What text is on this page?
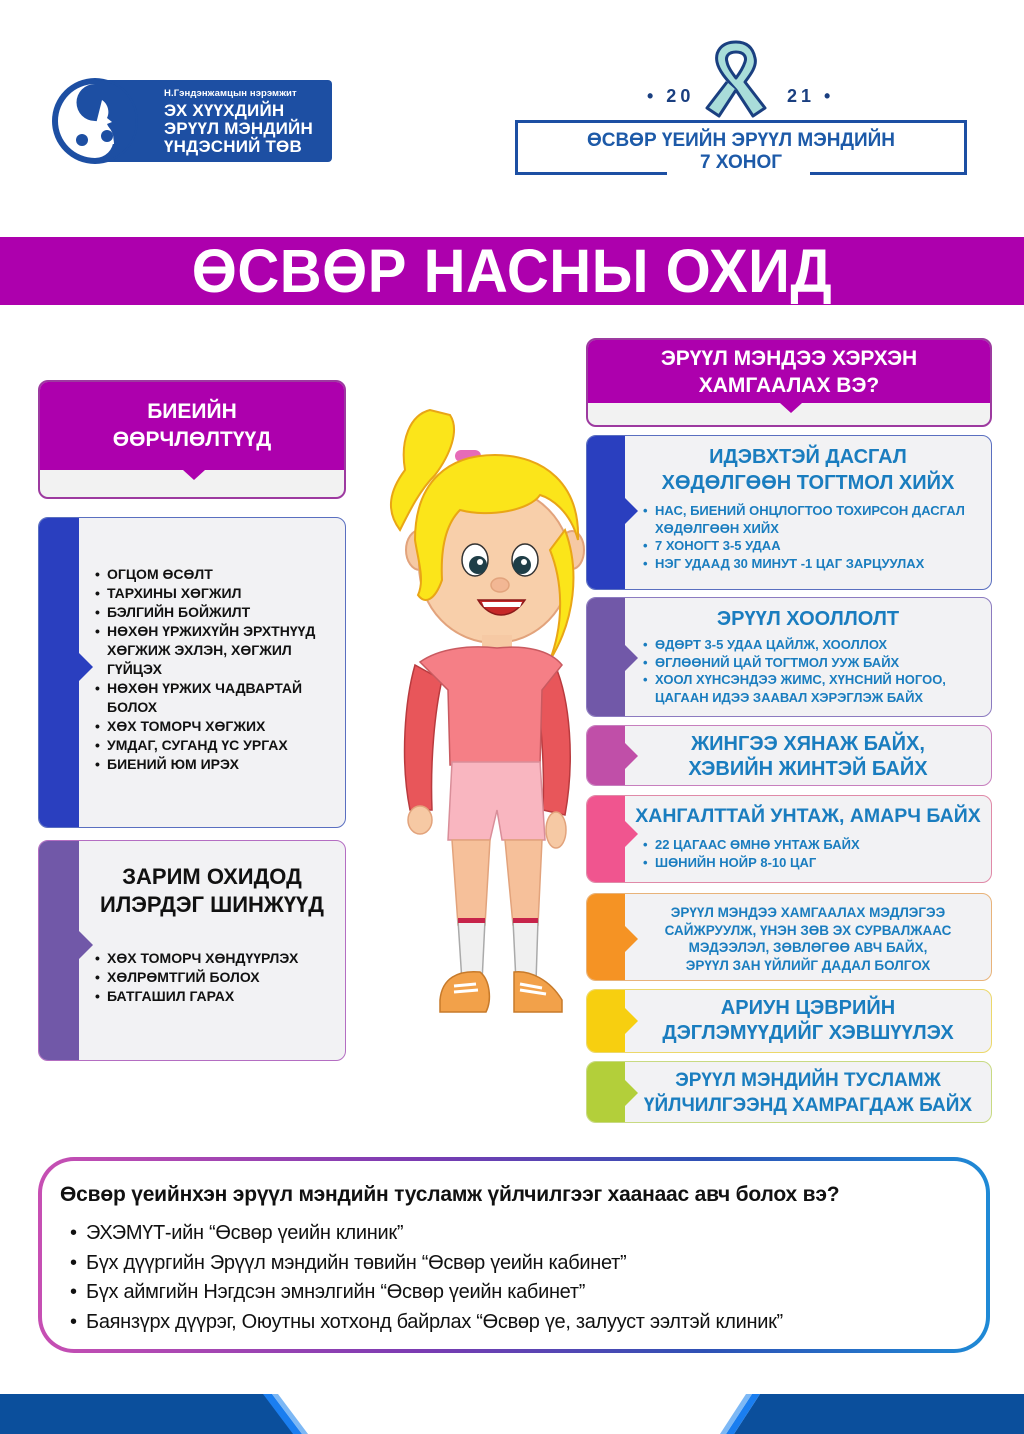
Н.Гэндэнжамцын нэрэмжит
ЭХ ХҮҮХДИЙН
ЭРҮҮЛ МЭНДИЙН
ҮНДЭСНИЙ ТӨВ
• 20	21 •
ӨСВӨР ҮЕИЙН ЭРҮҮЛ МЭНДИЙН
7 ХОНОГ
ӨСВӨР НАСНЫ ОХИД
БИЕИЙН
ӨӨРЧЛӨЛТҮҮД
• ОГЦОМ ӨСӨЛТ
• ТАРХИНЫ ХӨГЖИЛ
• БЭЛГИЙН БОЙЖИЛТ
• НӨХӨН ҮРЖИХҮЙН ЭРХТНҮҮД ХӨГЖИЖ ЭХЛЭН, ХӨГЖИЛ ГҮЙЦЭХ
• НӨХӨН ҮРЖИХ ЧАДВАРТАЙ БОЛОХ
• ХӨХ ТОМОРЧ ХӨГЖИХ
• УМДАГ, СУГАНД ҮС УРГАХ
• БИЕНИЙ ЮМ ИРЭХ
ЗАРИМ ОХИДОД
ИЛЭРДЭГ ШИНЖҮҮД
• ХӨХ ТОМОРЧ ХӨНДҮҮРЛЭХ
• ХӨЛРӨМТГИЙ БОЛОХ
• БАТГАШИЛ ГАРАХ
ЭРҮҮЛ МЭНДЭЭ ХЭРХЭН
ХАМГААЛАХ ВЭ?
ИДЭВХТЭЙ ДАСГАЛ
ХӨДӨЛГӨӨН ТОГТМОЛ ХИЙХ
• НАС, БИЕНИЙ ОНЦЛОГТОО ТОХИРСОН ДАСГАЛ ХӨДӨЛГӨӨН ХИЙХ
• 7 ХОНОГТ 3-5 УДАА
• НЭГ УДААД 30 МИНУТ -1 ЦАГ ЗАРЦУУЛАХ
ЭРҮҮЛ ХООЛЛОЛТ
• ӨДӨРТ 3-5 УДАА ЦАЙЛЖ, ХООЛЛОХ
• ӨГЛӨӨНИЙ ЦАЙ ТОГТМОЛ УУЖ БАЙХ
• ХООЛ ХҮНСЭНДЭЭ ЖИМС, ХҮНСНИЙ НОГОО, ЦАГААН ИДЭЭ ЗААВАЛ ХЭРЭГЛЭЖ БАЙХ
ЖИНГЭЭ ХЯНАЖ БАЙХ,
ХЭВИЙН ЖИНТЭЙ БАЙХ
ХАНГАЛТТАЙ УНТАЖ, АМАРЧ БАЙХ
• 22 ЦАГААС ӨМНӨ УНТАЖ БАЙХ
• ШӨНИЙН НОЙР 8-10 ЦАГ
ЭРҮҮЛ МЭНДЭЭ ХАМГААЛАХ МЭДЛЭГЭЭ
САЙЖРУУЛЖ, ҮНЭН ЗӨВ ЭХ СУРВАЛЖААС
МЭДЭЭЛЭЛ, ЗӨВЛӨГӨӨ АВЧ БАЙХ,
ЭРҮҮЛ ЗАН ҮЙЛИЙГ ДАДАЛ БОЛГОХ
АРИУН ЦЭВРИЙН
ДЭГЛЭМҮҮДИЙГ ХЭВШҮҮЛЭХ
ЭРҮҮЛ МЭНДИЙН ТУСЛАМЖ
ҮЙЛЧИЛГЭЭНД ХАМРАГДАЖ БАЙХ
Өсвөр үеийнхэн эрүүл мэндийн тусламж үйлчилгээг хаанаас авч болох вэ?
• ЭХЭМҮТ-ийн “Өсвөр үеийн клиник”
• Бүх дүүргийн Эрүүл мэндийн төвийн “Өсвөр үеийн кабинет”
• Бүх аймгийн Нэгдсэн эмнэлгийн “Өсвөр үеийн кабинет”
• Баянзүрх дүүрэг, Оюутны хотхонд байрлах “Өсвөр үе, залууст ээлтэй клиник”
